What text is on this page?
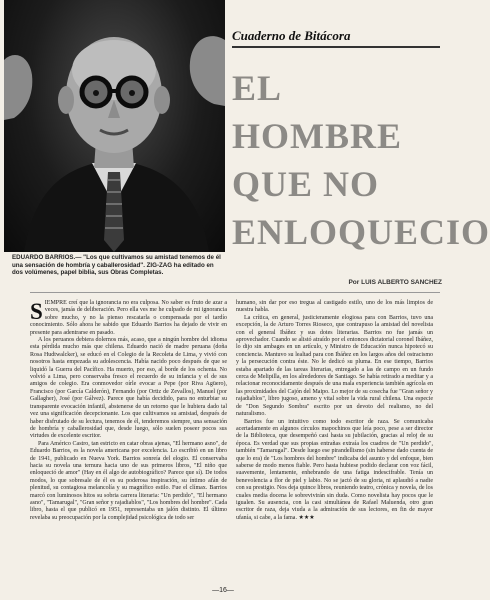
EDUARDO BARRIOS.— "Los que cultivamos su amistad tenemos de él una sensación de hombría y caballerosidad". ZIG-ZAG ha editado en dos volúmenes, papel biblia, sus Obras Completas.
Cuaderno de Bitácora
EL
HOMBRE
QUE NO
ENLOQUECIO
Por LUIS ALBERTO SANCHEZ
S IEMPRE creí que la ignorancia no era culposa. No saber es fruto de azar a veces, jamás de deliberación. Pero ella ves me he culpado de mi ignorancia sobre mucho, y no la pienso rescatarla o compensada por el tardío conocimiento. Sólo ahora he sabido que Eduardo Barrios ha dejado de vivir en presente para adentrarse en pasado.

A los peruanos debiera dolernos más, acaso, que a ningún hombre del idioma esta pérdida mucho más que chilena. Eduardo nació de madre peruana (doña Rosa Hudtwalcker), se educó en el Colegio de la Recoleta de Lima, y vivió con nosotros hasta empezada su adolescencia. Había nacido poco después de que se liquidó la Guerra del Pacífico. Ha muerto, por eso, al borde de los ochenta. No volvió a Lima, pero conservaba fresco el recuerdo de su infancia y el de sus amigos de colegio. Era conmovedor oírle evocar a Pepe (por Riva Agüero), Francisco (por García Calderón), Fernando (por Ortiz de Zevallos), Manuel (por Gallagher), José (por Gálvez). Parece que había decidido, para no enturbiar su transparente evocación infantil, abstenerse de un retorno que le hubiera dado tal vez una significación decepcionante. Los que cultivamos su amistad, después de haber disfrutado de su lectura, tenemos de él, tenderemos siempre, una sensación de hombría y caballerosidad que, desde luego, sólo suelen poseer pocos sus virtudes de excelente escritor.

Para Américo Castro, tan estricto en catar obras ajenas, "El hermano asno", de Eduardo Barrios, es la novela americana por excelencia. Lo escribió en un libro de 1941, publicado en Nueva York. Barrios sonreía del elogio. El conservaba hacia su novela una ternura hacia uno de sus primeros libros, "El niño que enloqueció de amor" (Hay en él algo de autobiográfico? Parece que sí). De todos modos, lo que sobresale de él es su poderosa inspiración, su íntimo afán de plenitud, su contagiosa melancolía y su magnífico estilo. Fue el clímax. Barrios marcó con luminosos hitos su sobria carrera literaria: "Un perdido", "El hermano asno", "Tamarugal", "Gran señor y rajadiablos", "Los hombres del hombre". Cada libro, hasta el que publicó en 1951, representaba un jalón distinto. El último revelaba su preocupación por la complejidad psicológica de todo ser

humano, sin dar por eso tregua al castigado estilo, uno de los más limpios de nuestra habla.

La crítica, en general, justicieramente elogiosa para con Barrios, tuvo una excepción, la de Arturo Torres Rioseco, que contrapuso la amistad del novelista con el general Ibáñez y sus dotes literarias. Barrios no fue jamás un aprovechador. Cuando se alistó atraído por el entonces dictatorial coronel Ibáñez, lo dijo sin ambages en un artículo, y Ministro de Educación nunca hipotecó su conciencia. Mantuvo su lealtad para con Ibáñez en los largos años del ostracismo y la persecución contra éste. No le dedicó su pluma. En ese tiempo, Barrios estaba apartado de las tareas literarias, entregado a las de campo en un fundo cerca de Melipilla, en los alrededores de Santiago. Se había retirado a meditar y a relacionar reconocidamente después de una mala experiencia también agrícola en las proximidades del Cajón del Maipo. Lo mejor de su cosecha fue "Gran señor y rajadiablos", libro jugoso, ameno y vital sobre la vida rural chilena. Una especie de "Don Segundo Sombra" escrito por un devoto del realismo, no del naturalismo.

Barrios fue un intuitivo como todo escritor de raza. Se comunicaba acertadamente en algunos círculos mapochinos que leía poco, pese a ser director de la Biblioteca, que desempeñó casi hasta su jubilación, gracias al reloj de su época. Es verdad que sus propias entrañas extraía los cuadros de "Un perdido", también "Tamarugal". Desde luego ese pirandellismo (sin haberse dado cuenta de que lo era) de "Los hombres del hombre" indicaba del asunto y del enfoque, bien saberse de modo menos fiable. Pero hasta hubiese podido declarar con voz fácil, suavemente, lentamente, enhebrando de una fatiga indescifrable. Tenía un benevolencia a flor de piel y labio. No se jactó de su gloria, ni aplaudió a nadie con su prestigio. Nos deja quince libros, reuniendo teatro, crónica y novela, de los cuales media docena le sobrevivirán sin duda. Como novelista hay pocos que le igualen. Su ausencia, con la casi simultánea de Rafael Maluenda, otro gran escritor de raza, deja viuda a la admiración de sus lectores, en fin de mayor ufanía, si cabe, a la fama. ★★★

—16—
